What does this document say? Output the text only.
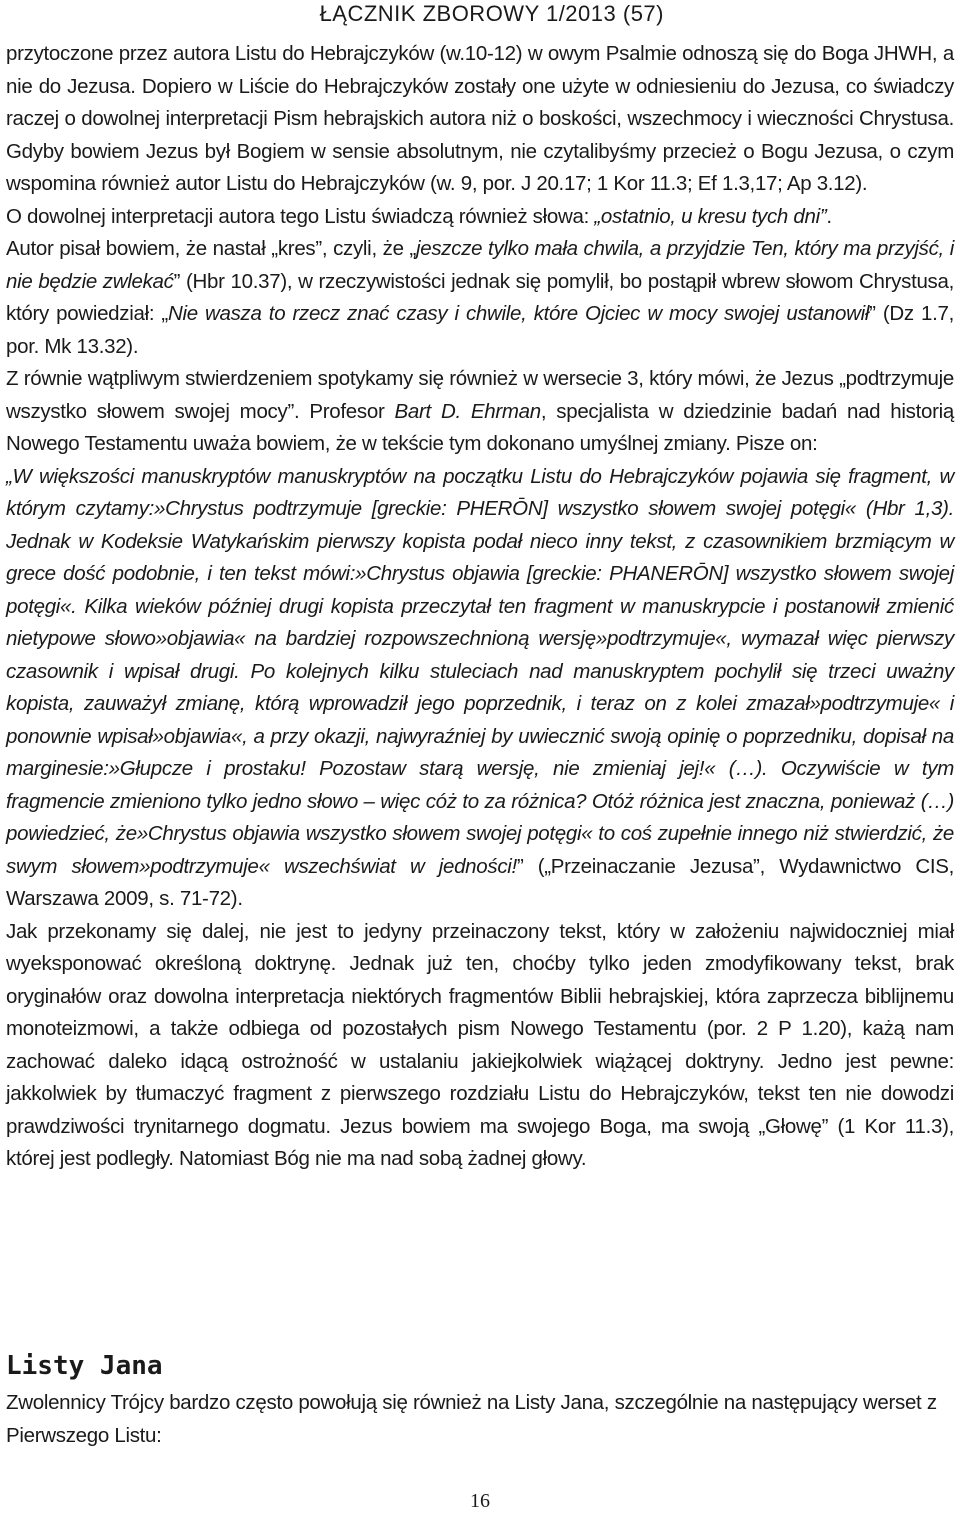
ŁĄCZNIK ZBOROWY 1/2013 (57)

przytoczone przez autora Listu do Hebrajczyków (w.10-12) w owym Psalmie odnoszą się do Boga JHWH, a nie do Jezusa. Dopiero w Liście do Hebrajczyków zostały one użyte w odniesieniu do Jezusa, co świadczy raczej o dowolnej interpretacji Pism hebrajskich autora niż o boskości, wszechmocy i wieczności Chrystusa. Gdyby bowiem Jezus był Bogiem w sensie absolutnym, nie czytalibyśmy przecież o Bogu Jezusa, o czym wspomina również autor Listu do Hebrajczyków (w. 9, por. J 20.17; 1 Kor 11.3; Ef 1.3,17; Ap 3.12).

O dowolnej interpretacji autora tego Listu świadczą również słowa: „ostatnio, u kresu tych dni”.

Autor pisał bowiem, że nastał „kres”, czyli, że „jeszcze tylko mała chwila, a przyjdzie Ten, który ma przyjść, i nie będzie zwlekać” (Hbr 10.37), w rzeczywistości jednak się pomylił, bo postąpił wbrew słowom Chrystusa, który powiedział: „Nie wasza to rzecz znać czasy i chwile, które Ojciec w mocy swojej ustanowił” (Dz 1.7, por. Mk 13.32).

Z równie wątpliwym stwierdzeniem spotykamy się również w wersecie 3, który mówi, że Jezus „podtrzymuje wszystko słowem swojej mocy”. Profesor Bart D. Ehrman, specjalista w dziedzinie badań nad historią Nowego Testamentu uważa bowiem, że w tekście tym dokonano umyślnej zmiany. Pisze on:

„W większości manuskryptów manuskryptów na początku Listu do Hebrajczyków pojawia się fragment, w którym czytamy:»Chrystus podtrzymuje [greckie: PHERŌN] wszystko słowem swojej potęgi« (Hbr 1,3). Jednak w Kodeksie Watykańskim pierwszy kopista podał nieco inny tekst, z czasownikiem brzmiącym w grece dość podobnie, i ten tekst mówi:»Chrystus objawia [greckie: PHANERŌN] wszystko słowem swojej potęgi«. Kilka wieków później drugi kopista przeczytał ten fragment w manuskrypcie i postanowił zmienić nietypowe słowo»objawia« na bardziej rozpowszechnioną wersję»podtrzymuje«, wymazał więc pierwszy czasownik i wpisał drugi. Po kolejnych kilku stuleciach nad manuskryptem pochylił się trzeci uważny kopista, zauważył zmianę, którą wprowadził jego poprzednik, i teraz on z kolei zmazał»podtrzymuje« i ponownie wpisał»objawia«, a przy okazji, najwyraźniej by uwiecznić swoją opinię o poprzedniku, dopisał na marginesie:»Głupcze i prostaku! Pozostaw starą wersję, nie zmieniaj jej!« (…). Oczywiście w tym fragmencie zmieniono tylko jedno słowo – więc cóż to za różnica? Otóż różnica jest znaczna, ponieważ (…) powiedzieć, że»Chrystus objawia wszystko słowem swojej potęgi« to coś zupełnie innego niż stwierdzić, że swym słowem»podtrzymuje« wszechświat w jedności!” („Przeinaczanie Jezusa”, Wydawnictwo CIS, Warszawa 2009, s. 71-72).

Jak przekonamy się dalej, nie jest to jedyny przeinaczony tekst, który w założeniu najwidoczniej miał wyeksponować określoną doktrynę. Jednak już ten, choćby tylko jeden zmodyfikowany tekst, brak oryginałów oraz dowolna interpretacja niektórych fragmentów Biblii hebrajskiej, która zaprzecza biblijnemu monoteizmowi, a także odbiega od pozostałych pism Nowego Testamentu (por. 2 P 1.20), każą nam zachować daleko idącą ostrożność w ustalaniu jakiejkolwiek wiążącej doktryny. Jedno jest pewne: jakkolwiek by tłumaczyć fragment z pierwszego rozdziału Listu do Hebrajczyków, tekst ten nie dowodzi prawdziwości trynitarnego dogmatu. Jezus bowiem ma swojego Boga, ma swoją „Głowę” (1 Kor 11.3), której jest podległy. Natomiast Bóg nie ma nad sobą żadnej głowy.

Listy Jana
Zwolennicy Trójcy bardzo często powołują się również na Listy Jana, szczególnie na następujący werset z Pierwszego Listu:
16
